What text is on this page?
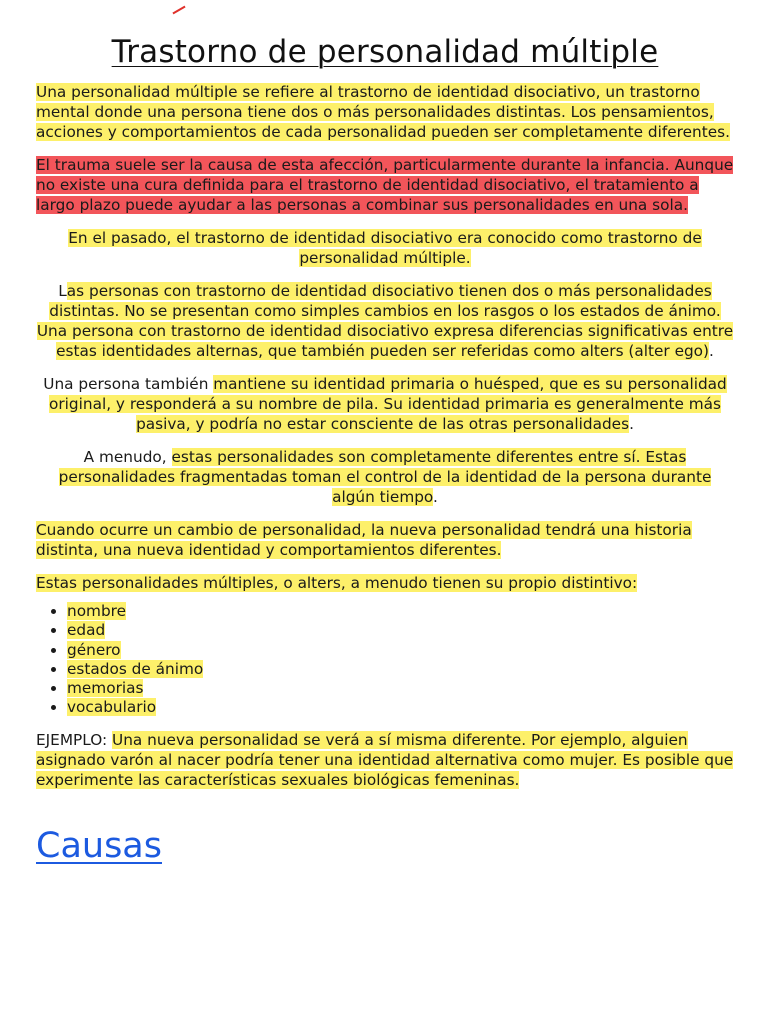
Trastorno de personalidad múltiple

Una personalidad múltiple se refiere al trastorno de identidad disociativo, un trastorno mental donde una persona tiene dos o más personalidades distintas. Los pensamientos, acciones y comportamientos de cada personalidad pueden ser completamente diferentes.

El trauma suele ser la causa de esta afección, particularmente durante la infancia. Aunque no existe una cura definida para el trastorno de identidad disociativo, el tratamiento a largo plazo puede ayudar a las personas a combinar sus personalidades en una sola.

En el pasado, el trastorno de identidad disociativo era conocido como trastorno de personalidad múltiple.

Las personas con trastorno de identidad disociativo tienen dos o más personalidades distintas. No se presentan como simples cambios en los rasgos o los estados de ánimo. Una persona con trastorno de identidad disociativo expresa diferencias significativas entre estas identidades alternas, que también pueden ser referidas como alters (alter ego).

Una persona también mantiene su identidad primaria o huésped, que es su personalidad original, y responderá a su nombre de pila. Su identidad primaria es generalmente más pasiva, y podría no estar consciente de las otras personalidades.

A menudo, estas personalidades son completamente diferentes entre sí. Estas personalidades fragmentadas toman el control de la identidad de la persona durante algún tiempo.

Cuando ocurre un cambio de personalidad, la nueva personalidad tendrá una historia distinta, una nueva identidad y comportamientos diferentes.

Estas personalidades múltiples, o alters, a menudo tienen su propio distintivo:

• nombre
• edad
• género
• estados de ánimo
• memorias
• vocabulario

EJEMPLO: Una nueva personalidad se verá a sí misma diferente. Por ejemplo, alguien asignado varón al nacer podría tener una identidad alternativa como mujer. Es posible que experimente las características sexuales biológicas femeninas.

Causas
